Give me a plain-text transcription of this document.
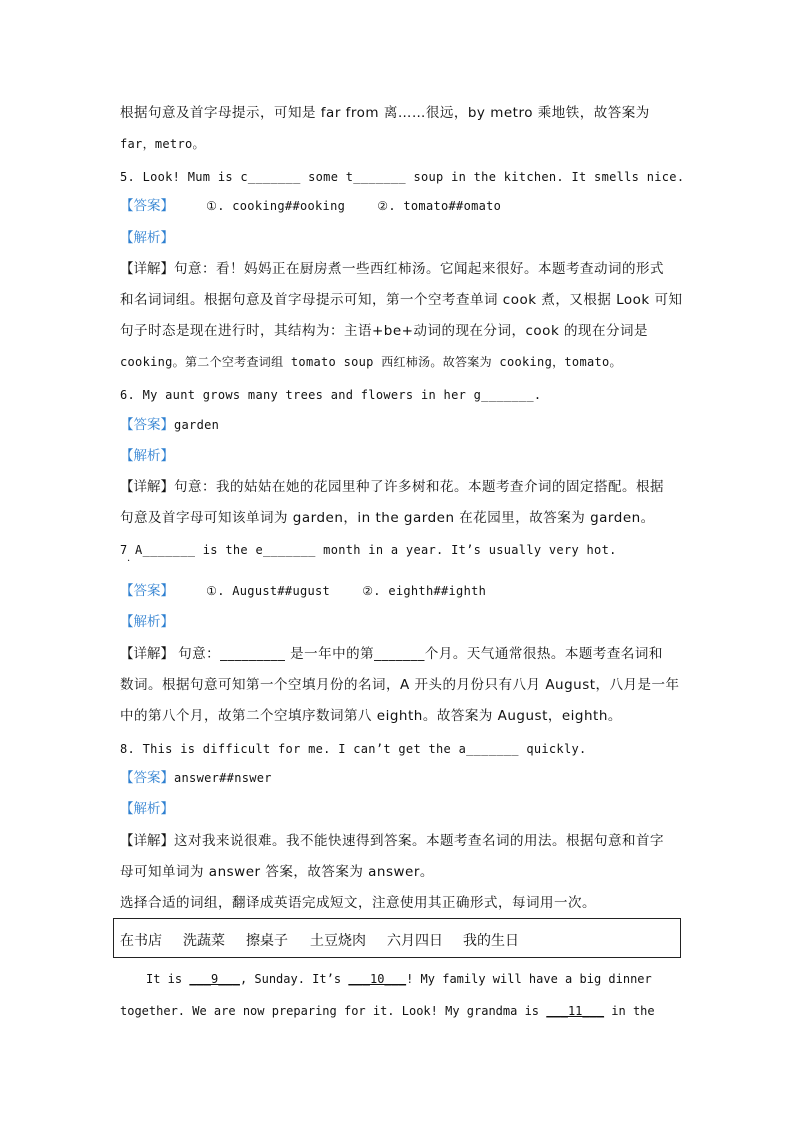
根据句意及首字母提示，可知是 far from 离……很远，by metro 乘地铁，故答案为
far，metro。
5. Look! Mum is c_______ some t_______ soup in the kitchen. It smells nice.
【答案】	①. cooking##ooking	②. tomato##omato
【解析】
【详解】句意：看！妈妈正在厨房煮一些西红柿汤。它闻起来很好。本题考查动词的形式
和名词词组。根据句意及首字母提示可知，第一个空考查单词 cook 煮，又根据 Look 可知
句子时态是现在进行时，其结构为：主语+be+动词的现在分词，cook 的现在分词是
cooking。第二个空考查词组 tomato soup 西红柿汤。故答案为 cooking，tomato。
6. My aunt grows many trees and flowers in her g_______.
【答案】garden
【解析】
【详解】句意：我的姑姑在她的花园里种了许多树和花。本题考查介词的固定搭配。根据
句意及首字母可知该单词为 garden，in the garden 在花园里，故答案为 garden。
7 A_______ is the e_______ month in a year. It’s usually very hot.
·
【答案】	①. August##ugust	②. eighth##ighth
【解析】
【详解】 句意：_________ 是一年中的第_______个月。天气通常很热。本题考查名词和
数词。根据句意可知第一个空填月份的名词，A 开头的月份只有八月 August，八月是一年
中的第八个月，故第二个空填序数词第八 eighth。故答案为 August，eighth。
8. This is difficult for me. I can’t get the a_______ quickly.
【答案】answer##nswer
【解析】
【详解】这对我来说很难。我不能快速得到答案。本题考查名词的用法。根据句意和首字
母可知单词为 answer 答案，故答案为 answer。
选择合适的词组，翻译成英语完成短文，注意使用其正确形式，每词用一次。
在书店 洗蔬菜 擦桌子 土豆烧肉 六月四日 我的生日
It is ___9___, Sunday. It’s ___10___! My family will have a big dinner
together. We are now preparing for it. Look! My grandma is ___11___ in the
